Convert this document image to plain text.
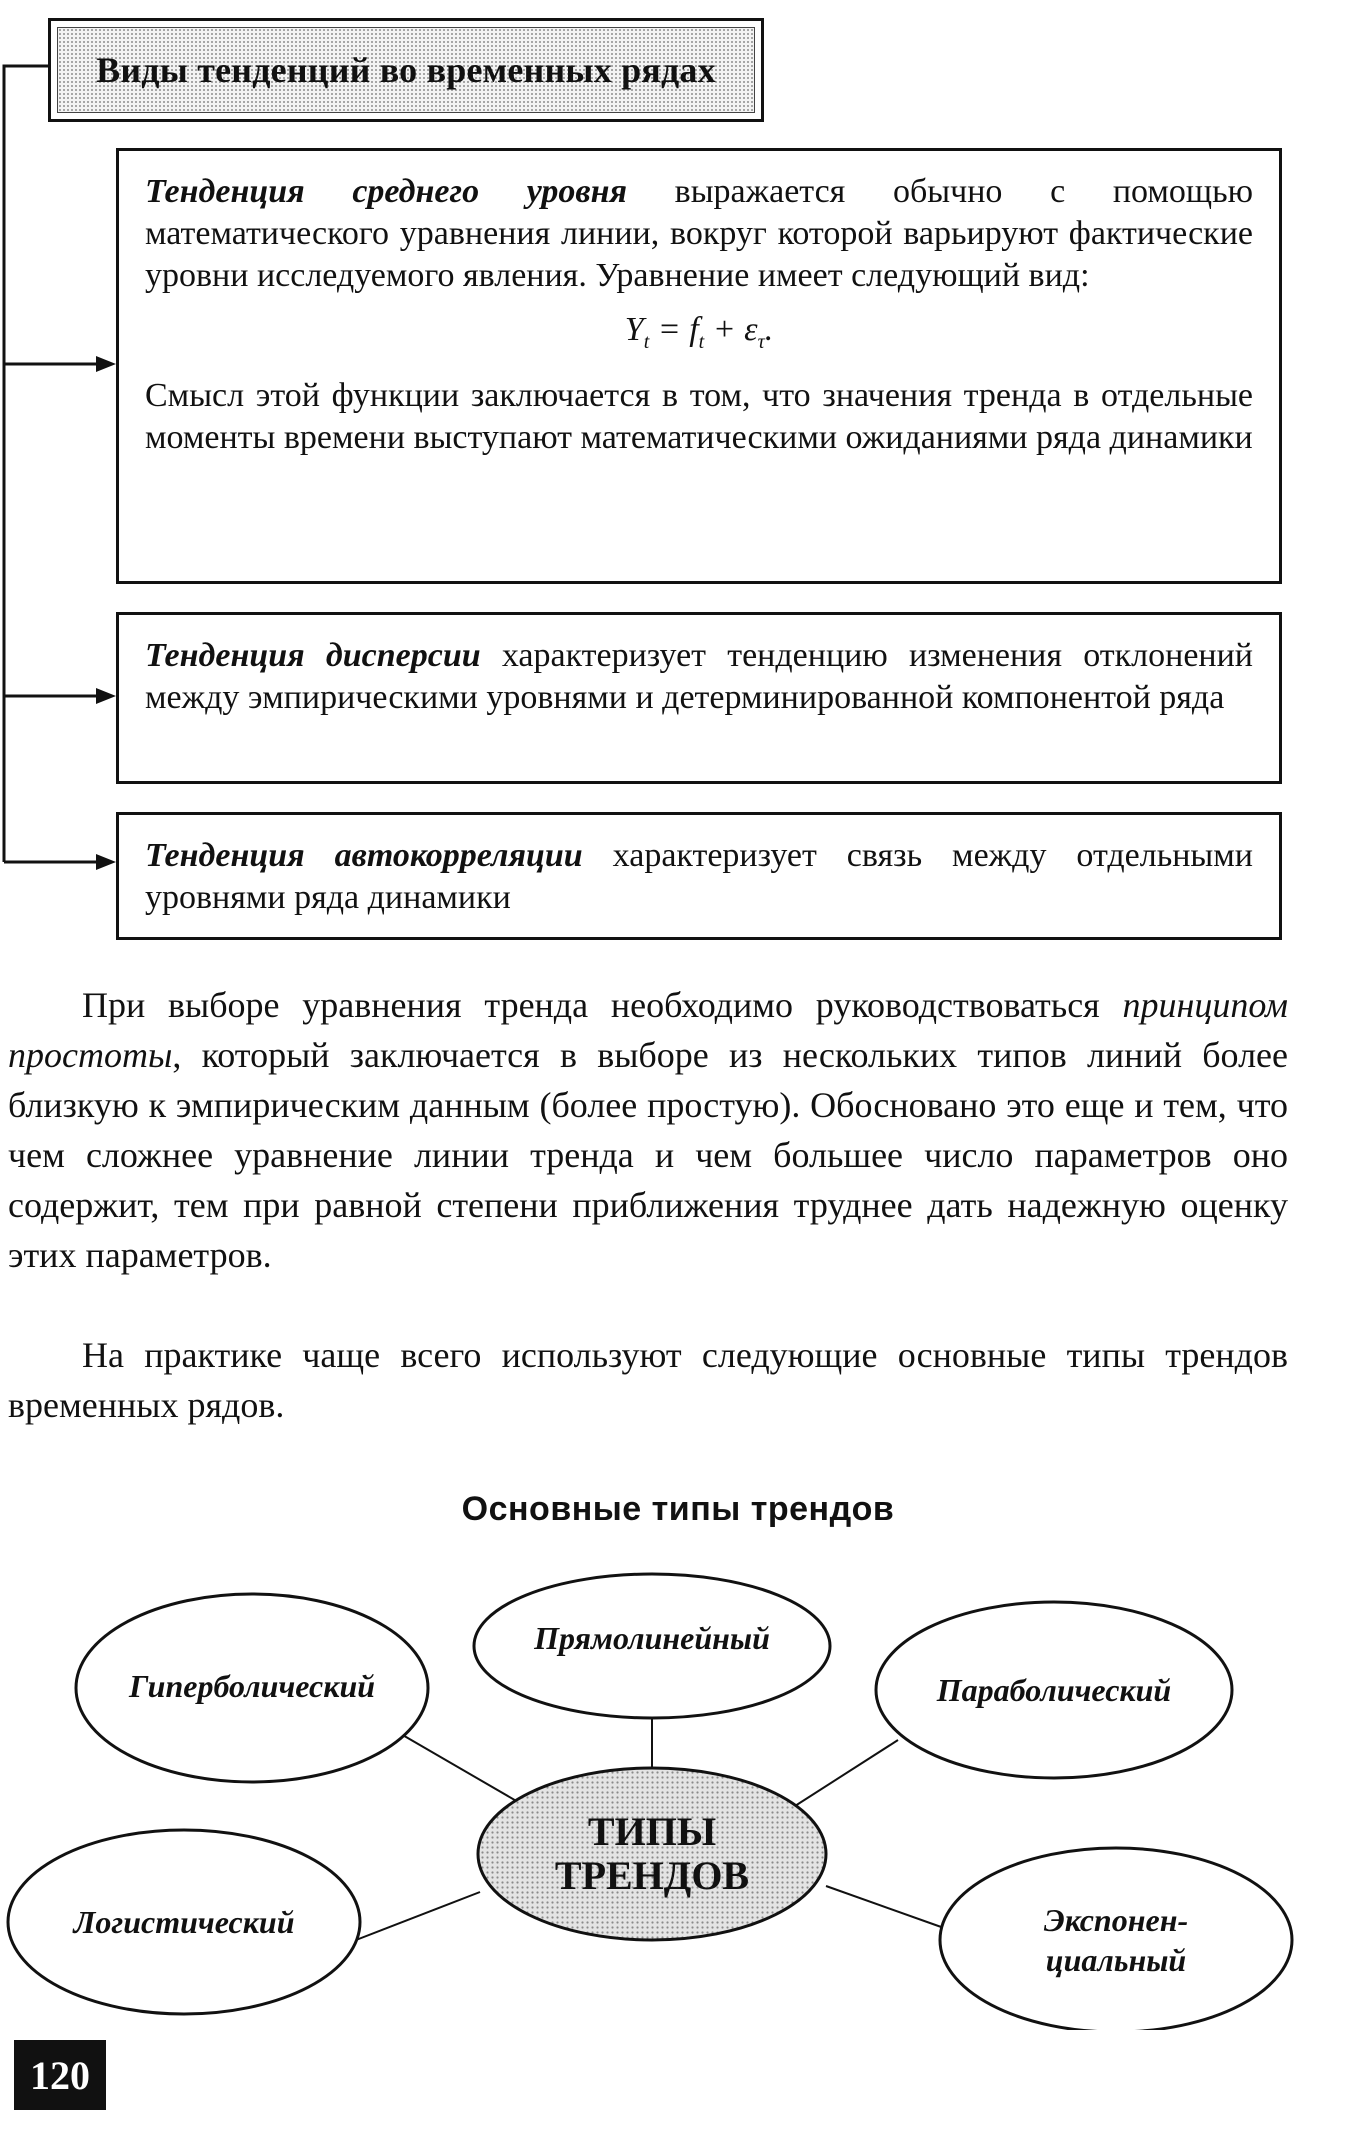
Виды тенденций во временных рядах
Тенденция среднего уровня выражается обычно с помощью математического уравнения линии, вокруг которой варьируют фактические уровни исследуемого явления. Уравнение имеет следующий вид:
$Y_t = f_t + \varepsilon_\tau$.
Смысл этой функции заключается в том, что значения тренда в отдельные моменты времени выступают математическими ожиданиями ряда динамики
Тенденция дисперсии характеризует тенденцию изменения отклонений между эмпирическими уровнями и детерминированной компонентой ряда
Тенденция автокорреляции характеризует связь между отдельными уровнями ряда динамики
При выборе уравнения тренда необходимо руководствоваться принципом простоты, который заключается в выборе из нескольких типов линий более близкую к эмпирическим данным (более простую). Обосновано это еще и тем, что чем сложнее уравнение линии тренда и чем большее число параметров оно содержит, тем при равной степени приближения труднее дать надежную оценку этих параметров.
На практике чаще всего используют следующие основные типы трендов временных рядов.
Основные типы трендов
Гиперболический
Прямолинейный
Параболический
Логистический	Экспонен-
циальный
ТИПЫ
ТРЕНДОВ
120
